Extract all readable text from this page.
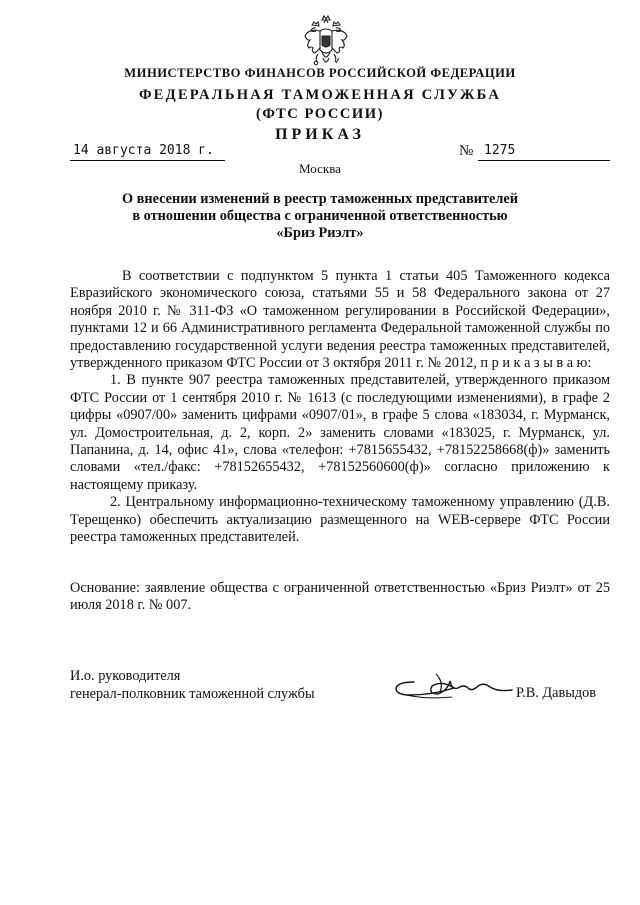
МИНИСТЕРСТВО ФИНАНСОВ РОССИЙСКОЙ ФЕДЕРАЦИИ
ФЕДЕРАЛЬНАЯ ТАМОЖЕННАЯ СЛУЖБА
(ФТС РОССИИ)
ПРИКАЗ
14 августа 2018 г.	№ 1275
Москва
О внесении изменений в реестр таможенных представителей
в отношении общества с ограниченной ответственностью
«Бриз Риэлт»

В соответствии с подпунктом 5 пункта 1 статьи 405 Таможенного кодекса Евразийского экономического союза, статьями 55 и 58 Федерального закона от 27 ноября 2010 г. № 311-ФЗ «О таможенном регулировании в Российской Федерации», пунктами 12 и 66 Административного регламента Федеральной таможенной службы по предоставлению государственной услуги ведения реестра таможенных представителей, утвержденного приказом ФТС России от 3 октября 2011 г. № 2012, п р и к а з ы в а ю:

1. В пункте 907 реестра таможенных представителей, утвержденного приказом ФТС России от 1 сентября 2010 г. № 1613 (с последующими изменениями), в графе 2 цифры «0907/00» заменить цифрами «0907/01», в графе 5 слова «183034, г. Мурманск, ул. Домостроительная, д. 2, корп. 2» заменить словами «183025, г. Мурманск, ул. Папанина, д. 14, офис 41», слова «телефон: +7815655432, +78152258668(ф)» заменить словами «тел./факс: +78152655432, +78152560600(ф)» согласно приложению к настоящему приказу.

2. Центральному информационно-техническому таможенному управлению (Д.В. Терещенко) обеспечить актуализацию размещенного на WEB-сервере ФТС России реестра таможенных представителей.

Основание: заявление общества с ограниченной ответственностью «Бриз Риэлт» от 25 июля 2018 г. № 007.

И.о. руководителя
генерал-полковник таможенной службы	Р.В. Давыдов
